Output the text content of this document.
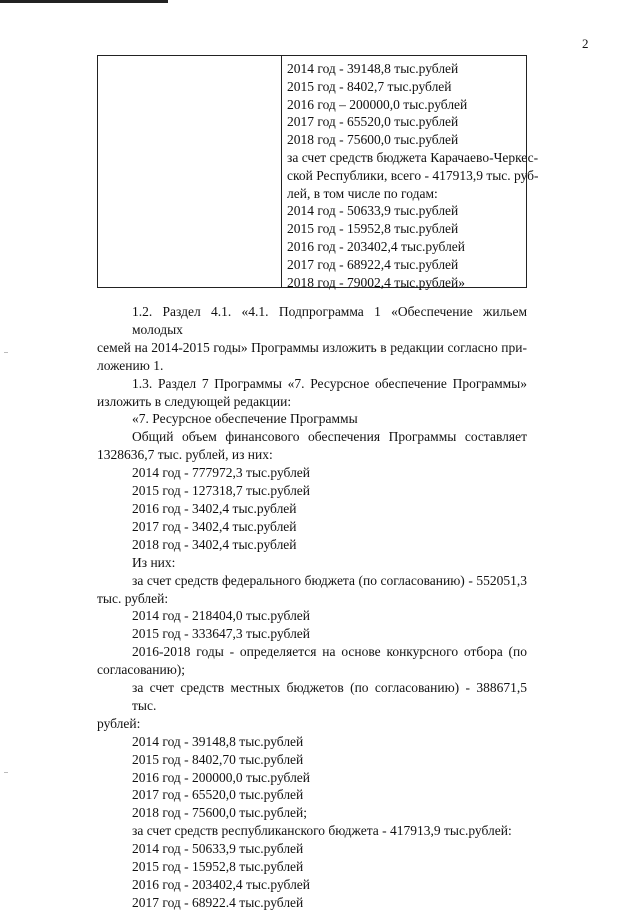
2
2014 год - 39148,8 тыс.рублей
2015 год - 8402,7 тыс.рублей
2016 год – 200000,0 тыс.рублей
2017 год - 65520,0 тыс.рублей
2018 год - 75600,0 тыс.рублей
за счет средств бюджета Карачаево-Черкес-
ской Республики, всего - 417913,9 тыс. руб-
лей, в том числе по годам:
2014 год - 50633,9 тыс.рублей
2015 год - 15952,8 тыс.рублей
2016 год - 203402,4 тыс.рублей
2017 год - 68922,4 тыс.рублей
2018 год - 79002,4 тыс.рублей»
1.2. Раздел 4.1. «4.1. Подпрограмма 1 «Обеспечение жильем молодых
семей на 2014-2015 годы» Программы изложить в редакции согласно при-
ложению 1.
1.3. Раздел 7 Программы «7. Ресурсное обеспечение Программы»
изложить в следующей редакции:
«7. Ресурсное обеспечение Программы
Общий объем финансового обеспечения Программы составляет
1328636,7 тыс. рублей, из них:
2014 год - 777972,3 тыс.рублей
2015 год - 127318,7 тыс.рублей
2016 год - 3402,4 тыс.рублей
2017 год - 3402,4 тыс.рублей
2018 год - 3402,4 тыс.рублей
Из них:
за счет средств федерального бюджета (по согласованию) - 552051,3
тыс. рублей:
2014 год - 218404,0 тыс.рублей
2015 год - 333647,3 тыс.рублей
2016-2018 годы - определяется на основе конкурсного отбора (по
согласованию);
за счет средств местных бюджетов (по согласованию) - 388671,5 тыс.
рублей:
2014 год - 39148,8 тыс.рублей
2015 год - 8402,70 тыс.рублей
2016 год - 200000,0 тыс.рублей
2017 год - 65520,0 тыс.рублей
2018 год - 75600,0 тыс.рублей;
за счет средств республиканского бюджета - 417913,9 тыс.рублей:
2014 год - 50633,9 тыс.рублей
2015 год - 15952,8 тыс.рублей
2016 год - 203402,4 тыс.рублей
2017 год - 68922.4 тыс.рублей
